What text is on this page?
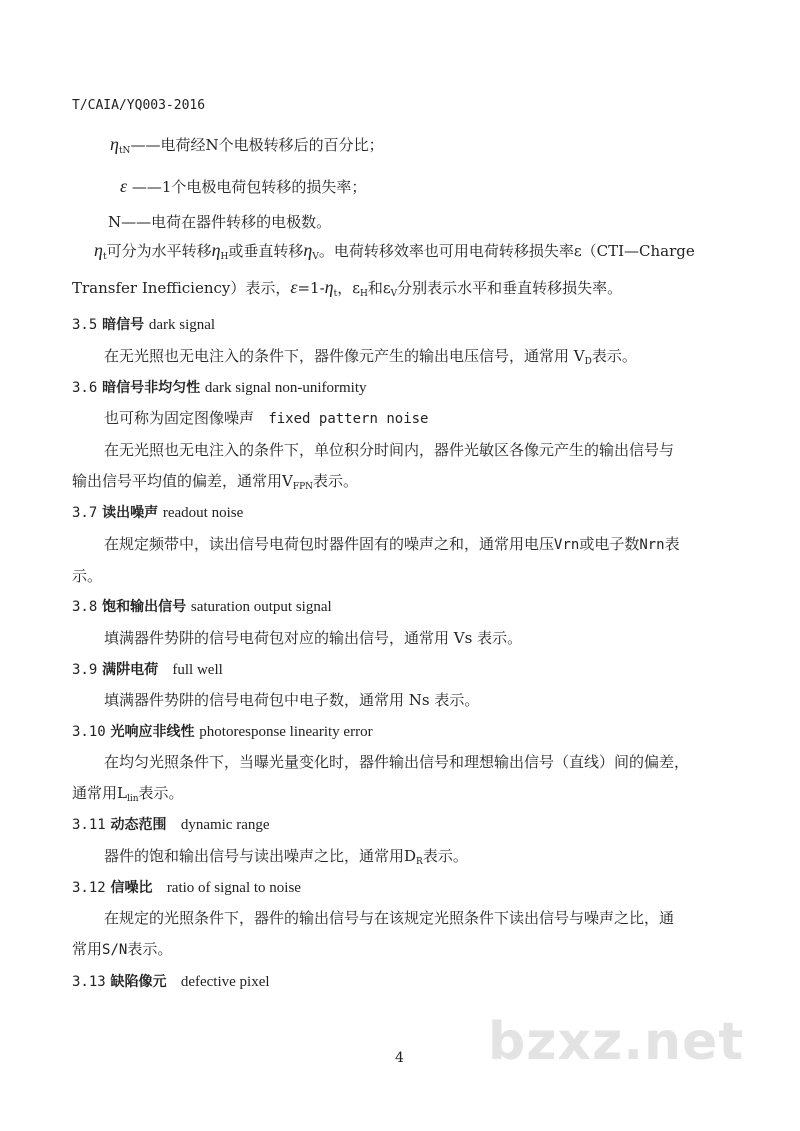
T/CAIA/YQ003-2016
$\eta_{tN}——$电荷经N个电极转移后的百分比；
ε ——1个电极电荷包转移的损失率；
N——电荷在器件转移的电极数。
$\eta_t$可分为水平转移$\eta_H$或垂直转移$\eta_V$。电荷转移效率也可用电荷转移损失率ε（CTI—Charge
Transfer Inefficiency）表示，$\varepsilon=1-\eta_t$，$\varepsilon_H$和$\varepsilon_V$分别表示水平和垂直转移损失率。
3.5 暗信号 dark signal
在无光照也无电注入的条件下，器件像元产生的输出电压信号，通常用 $V_D$表示。
3.6 暗信号非均匀性 dark signal non-uniformity
也可称为固定图像噪声 fixed pattern noise
在无光照也无电注入的条件下，单位积分时间内，器件光敏区各像元产生的输出信号与
输出信号平均值的偏差，通常用$V_{FPN}$表示。
3.7 读出噪声 readout noise
在规定频带中，读出信号电荷包时器件固有的噪声之和，通常用电压Vrn或电子数Nrn表
示。
3.8 饱和输出信号 saturation output signal
填满器件势阱的信号电荷包对应的输出信号，通常用 Vs 表示。
3.9 满阱电荷 full well
填满器件势阱的信号电荷包中电子数，通常用 Ns 表示。
3.10 光响应非线性 photoresponse linearity error
在均匀光照条件下，当曝光量变化时，器件输出信号和理想输出信号（直线）间的偏差，
通常用$L_{lin}$表示。
3.11 动态范围 dynamic range
器件的饱和输出信号与读出噪声之比，通常用$D_R$表示。
3.12 信噪比 ratio of signal to noise
在规定的光照条件下，器件的输出信号与在该规定光照条件下读出信号与噪声之比，通
常用S/N表示。
3.13 缺陷像元 defective pixel
bzxz.net
4
